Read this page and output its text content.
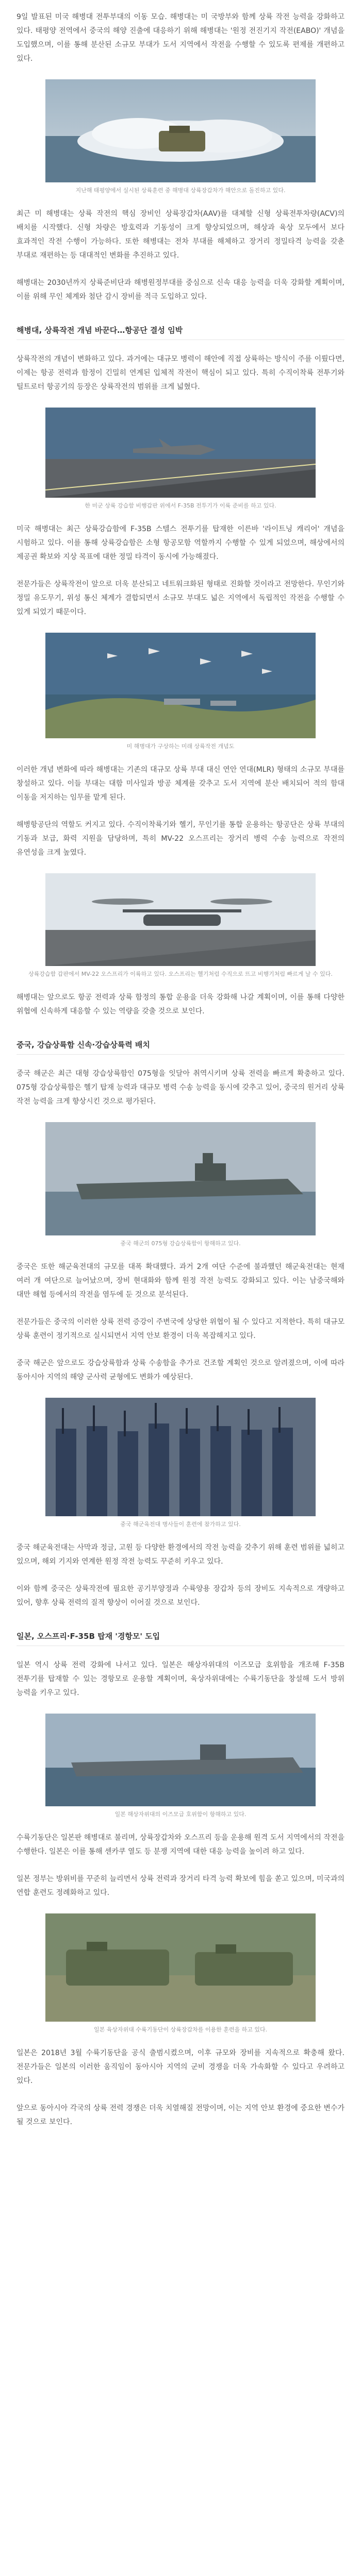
9일 발표된 미국 해병대 전투부대의 이동 모습. 해병대는 미 국방부와 함께 상륙 작전 능력을 강화하고 있다. 태평양 전역에서 중국의 해양 진출에 대응하기 위해 해병대는 '원정 전진기지 작전(EABO)' 개념을 도입했으며, 이를 통해 분산된 소규모 부대가 도서 지역에서 작전을 수행할 수 있도록 편제를 개편하고 있다.

지난해 태평양에서 실시된 상륙훈련 중 해병대 상륙장갑차가 해안으로 돌진하고 있다.

최근 미 해병대는 상륙 작전의 핵심 장비인 상륙장갑차(AAV)를 대체할 신형 상륙전투차량(ACV)의 배치를 시작했다. 신형 차량은 방호력과 기동성이 크게 향상되었으며, 해상과 육상 모두에서 보다 효과적인 작전 수행이 가능하다. 또한 해병대는 전차 부대를 해체하고 장거리 정밀타격 능력을 갖춘 부대로 재편하는 등 대대적인 변화를 추진하고 있다.

해병대는 2030년까지 상륙준비단과 해병원정부대를 중심으로 신속 대응 능력을 더욱 강화할 계획이며, 이를 위해 무인 체계와 첨단 감시 장비를 적극 도입하고 있다.

해병대, 상륙작전 개념 바꾼다…항공단 결성 임박

상륙작전의 개념이 변화하고 있다. 과거에는 대규모 병력이 해안에 직접 상륙하는 방식이 주를 이뤘다면, 이제는 항공 전력과 함정이 긴밀히 연계된 입체적 작전이 핵심이 되고 있다. 특히 수직이착륙 전투기와 틸트로터 항공기의 등장은 상륙작전의 범위를 크게 넓혔다.

한 미군 상륙 강습함 비행갑판 위에서 F-35B 전투기가 이륙 준비를 하고 있다.

미국 해병대는 최근 상륙강습함에 F-35B 스텔스 전투기를 탑재한 이른바 '라이트닝 캐리어' 개념을 시험하고 있다. 이를 통해 상륙강습함은 소형 항공모함 역할까지 수행할 수 있게 되었으며, 해상에서의 제공권 확보와 지상 목표에 대한 정밀 타격이 동시에 가능해졌다.

전문가들은 상륙작전이 앞으로 더욱 분산되고 네트워크화된 형태로 진화할 것이라고 전망한다. 무인기와 정밀 유도무기, 위성 통신 체계가 결합되면서 소규모 부대도 넓은 지역에서 독립적인 작전을 수행할 수 있게 되었기 때문이다.

미 해병대가 구상하는 미래 상륙작전 개념도

이러한 개념 변화에 따라 해병대는 기존의 대규모 상륙 부대 대신 연안 연대(MLR) 형태의 소규모 부대를 창설하고 있다. 이들 부대는 대함 미사일과 방공 체계를 갖추고 도서 지역에 분산 배치되어 적의 함대 이동을 저지하는 임무를 맡게 된다.

해병항공단의 역할도 커지고 있다. 수직이착륙기와 헬기, 무인기를 통합 운용하는 항공단은 상륙 부대의 기동과 보급, 화력 지원을 담당하며, 특히 MV-22 오스프리는 장거리 병력 수송 능력으로 작전의 유연성을 크게 높였다.

상륙강습함 갑판에서 MV-22 오스프리가 이륙하고 있다. 오스프리는 헬기처럼 수직으로 뜨고 비행기처럼 빠르게 날 수 있다.

해병대는 앞으로도 항공 전력과 상륙 함정의 통합 운용을 더욱 강화해 나갈 계획이며, 이를 통해 다양한 위협에 신속하게 대응할 수 있는 역량을 갖출 것으로 보인다.

중국, 강습상륙함 신속·강습상륙력 배치

중국 해군은 최근 대형 강습상륙함인 075형을 잇달아 취역시키며 상륙 전력을 빠르게 확충하고 있다. 075형 강습상륙함은 헬기 탑재 능력과 대규모 병력 수송 능력을 동시에 갖추고 있어, 중국의 원거리 상륙 작전 능력을 크게 향상시킨 것으로 평가된다.

중국 해군의 075형 강습상륙함이 항해하고 있다.

중국은 또한 해군육전대의 규모를 대폭 확대했다. 과거 2개 여단 수준에 불과했던 해군육전대는 현재 여러 개 여단으로 늘어났으며, 장비 현대화와 함께 원정 작전 능력도 강화되고 있다. 이는 남중국해와 대만 해협 등에서의 작전을 염두에 둔 것으로 분석된다.

전문가들은 중국의 이러한 상륙 전력 증강이 주변국에 상당한 위협이 될 수 있다고 지적한다. 특히 대규모 상륙 훈련이 정기적으로 실시되면서 지역 안보 환경이 더욱 복잡해지고 있다.

중국 해군은 앞으로도 강습상륙함과 상륙 수송함을 추가로 건조할 계획인 것으로 알려졌으며, 이에 따라 동아시아 지역의 해양 군사력 균형에도 변화가 예상된다.

중국 해군육전대 병사들이 훈련에 참가하고 있다.

중국 해군육전대는 사막과 정글, 고원 등 다양한 환경에서의 작전 능력을 갖추기 위해 훈련 범위를 넓히고 있으며, 해외 기지와 연계한 원정 작전 능력도 꾸준히 키우고 있다.

이와 함께 중국은 상륙작전에 필요한 공기부양정과 수륙양용 장갑차 등의 장비도 지속적으로 개량하고 있어, 향후 상륙 전력의 질적 향상이 이어질 것으로 보인다.

일본, 오스프리·F-35B 탑재 '경항모' 도입

일본 역시 상륙 전력 강화에 나서고 있다. 일본은 해상자위대의 이즈모급 호위함을 개조해 F-35B 전투기를 탑재할 수 있는 경항모로 운용할 계획이며, 육상자위대에는 수륙기동단을 창설해 도서 방위 능력을 키우고 있다.

일본 해상자위대의 이즈모급 호위함이 항해하고 있다.

수륙기동단은 일본판 해병대로 불리며, 상륙장갑차와 오스프리 등을 운용해 원격 도서 지역에서의 작전을 수행한다. 일본은 이를 통해 센카쿠 열도 등 분쟁 지역에 대한 대응 능력을 높이려 하고 있다.

일본 정부는 방위비를 꾸준히 늘리면서 상륙 전력과 장거리 타격 능력 확보에 힘을 쏟고 있으며, 미국과의 연합 훈련도 정례화하고 있다.

일본 육상자위대 수륙기동단이 상륙장갑차를 이용한 훈련을 하고 있다.

일본은 2018년 3월 수륙기동단을 공식 출범시켰으며, 이후 규모와 장비를 지속적으로 확충해 왔다. 전문가들은 일본의 이러한 움직임이 동아시아 지역의 군비 경쟁을 더욱 가속화할 수 있다고 우려하고 있다.

앞으로 동아시아 각국의 상륙 전력 경쟁은 더욱 치열해질 전망이며, 이는 지역 안보 환경에 중요한 변수가 될 것으로 보인다.
